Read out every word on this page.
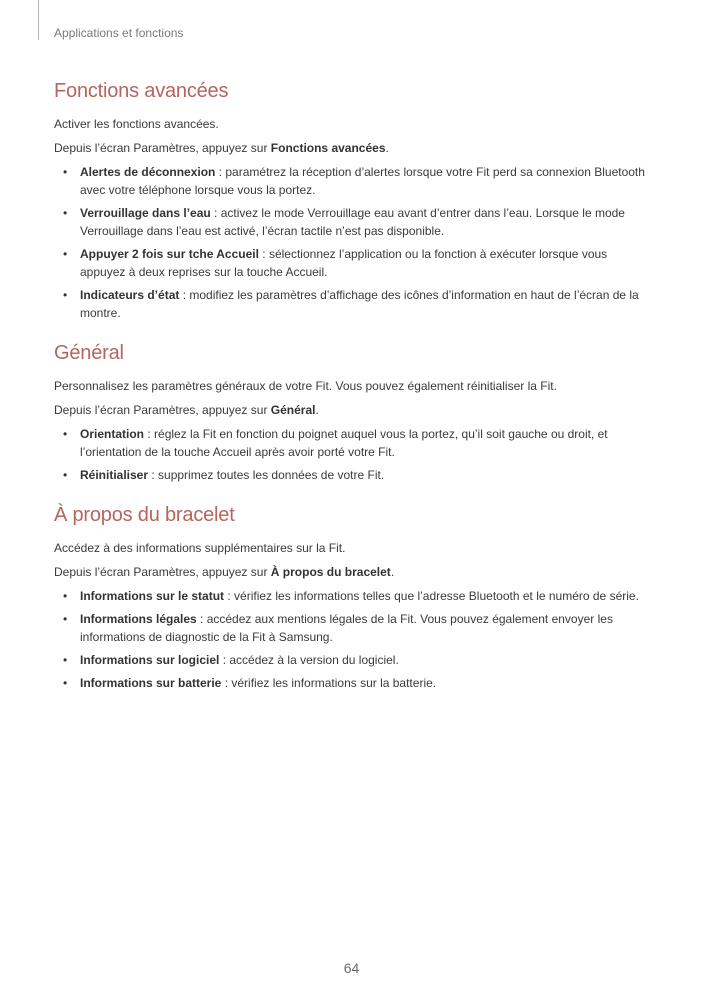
Applications et fonctions
Fonctions avancées

Activer les fonctions avancées.

Depuis l’écran Paramètres, appuyez sur Fonctions avancées.

• Alertes de déconnexion : paramétrez la réception d’alertes lorsque votre Fit perd sa connexion Bluetooth avec votre téléphone lorsque vous la portez.
• Verrouillage dans l’eau : activez le mode Verrouillage eau avant d’entrer dans l’eau. Lorsque le mode Verrouillage dans l’eau est activé, l’écran tactile n’est pas disponible.
• Appuyer 2 fois sur tche Accueil : sélectionnez l’application ou la fonction à exécuter lorsque vous appuyez à deux reprises sur la touche Accueil.
• Indicateurs d’état : modifiez les paramètres d’affichage des icônes d’information en haut de l’écran de la montre.
Général

Personnalisez les paramètres généraux de votre Fit. Vous pouvez également réinitialiser la Fit.

Depuis l’écran Paramètres, appuyez sur Général.

• Orientation : réglez la Fit en fonction du poignet auquel vous la portez, qu’il soit gauche ou droit, et l’orientation de la touche Accueil après avoir porté votre Fit.
• Réinitialiser : supprimez toutes les données de votre Fit.
À propos du bracelet

Accédez à des informations supplémentaires sur la Fit.

Depuis l’écran Paramètres, appuyez sur À propos du bracelet.

• Informations sur le statut : vérifiez les informations telles que l’adresse Bluetooth et le numéro de série.
• Informations légales : accédez aux mentions légales de la Fit. Vous pouvez également envoyer les informations de diagnostic de la Fit à Samsung.
• Informations sur logiciel : accédez à la version du logiciel.
• Informations sur batterie : vérifiez les informations sur la batterie.
64
